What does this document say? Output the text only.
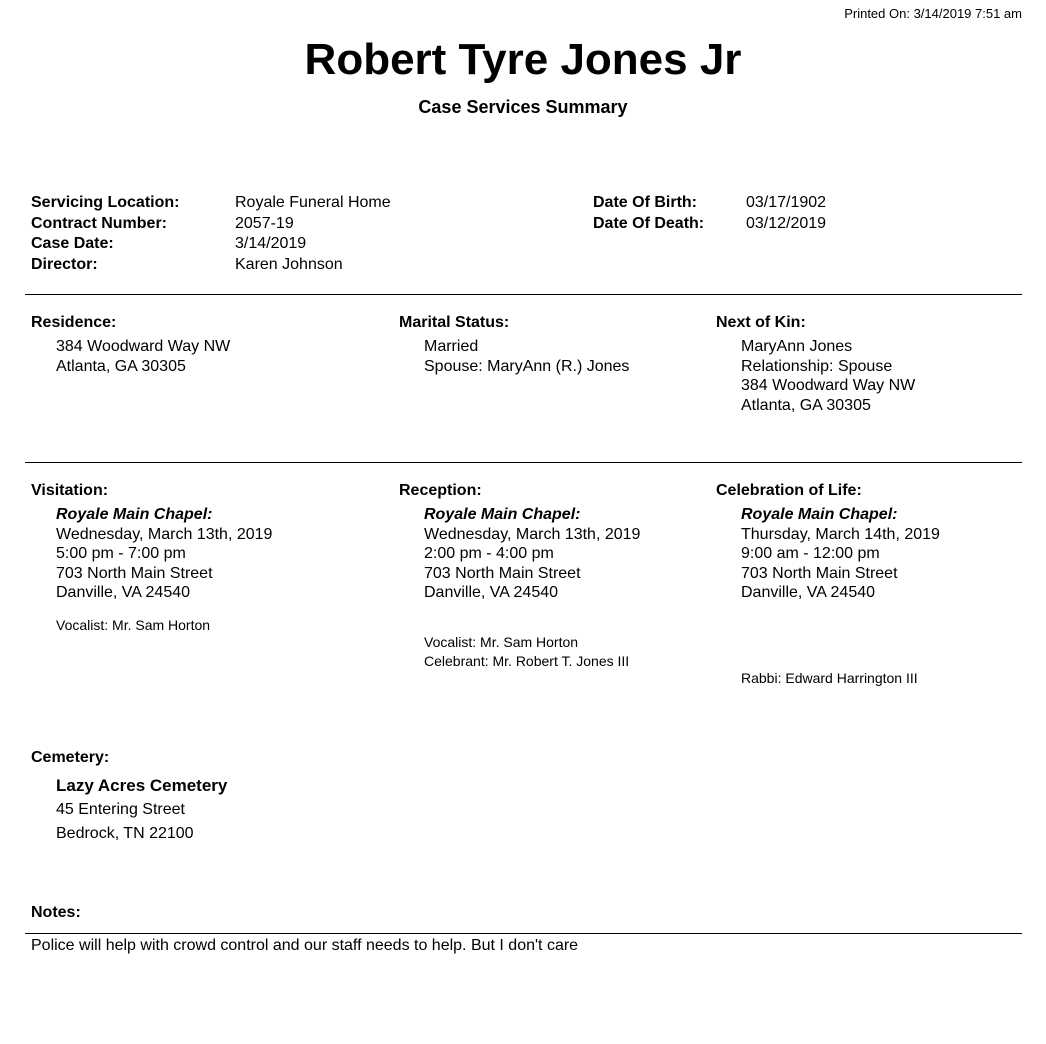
Printed On: 3/14/2019 7:51 am
Robert Tyre Jones Jr
Case Services Summary
Servicing Location:
Contract Number:
Case Date:
Director:
Royale Funeral Home
2057-19
3/14/2019
Karen Johnson
Date Of Birth:
Date Of Death:
03/17/1902
03/12/2019
Residence:
384 Woodward Way NW
Atlanta, GA 30305
Marital Status:
Married
Spouse: MaryAnn (R.) Jones
Next of Kin:
MaryAnn Jones
Relationship: Spouse
384 Woodward Way NW
Atlanta, GA 30305
Visitation:
Royale Main Chapel:
Wednesday, March 13th, 2019
5:00 pm - 7:00 pm
703 North Main Street
Danville, VA 24540
Vocalist: Mr. Sam Horton
Reception:
Royale Main Chapel:
Wednesday, March 13th, 2019
2:00 pm - 4:00 pm
703 North Main Street
Danville, VA 24540
Vocalist: Mr. Sam Horton
Celebrant: Mr. Robert T. Jones III
Celebration of Life:
Royale Main Chapel:
Thursday, March 14th, 2019
9:00 am - 12:00 pm
703 North Main Street
Danville, VA 24540
Rabbi: Edward Harrington III
Cemetery:
Lazy Acres Cemetery
45 Entering Street
Bedrock, TN 22100
Notes:
Police will help with crowd control and our staff needs to help. But I don't care
